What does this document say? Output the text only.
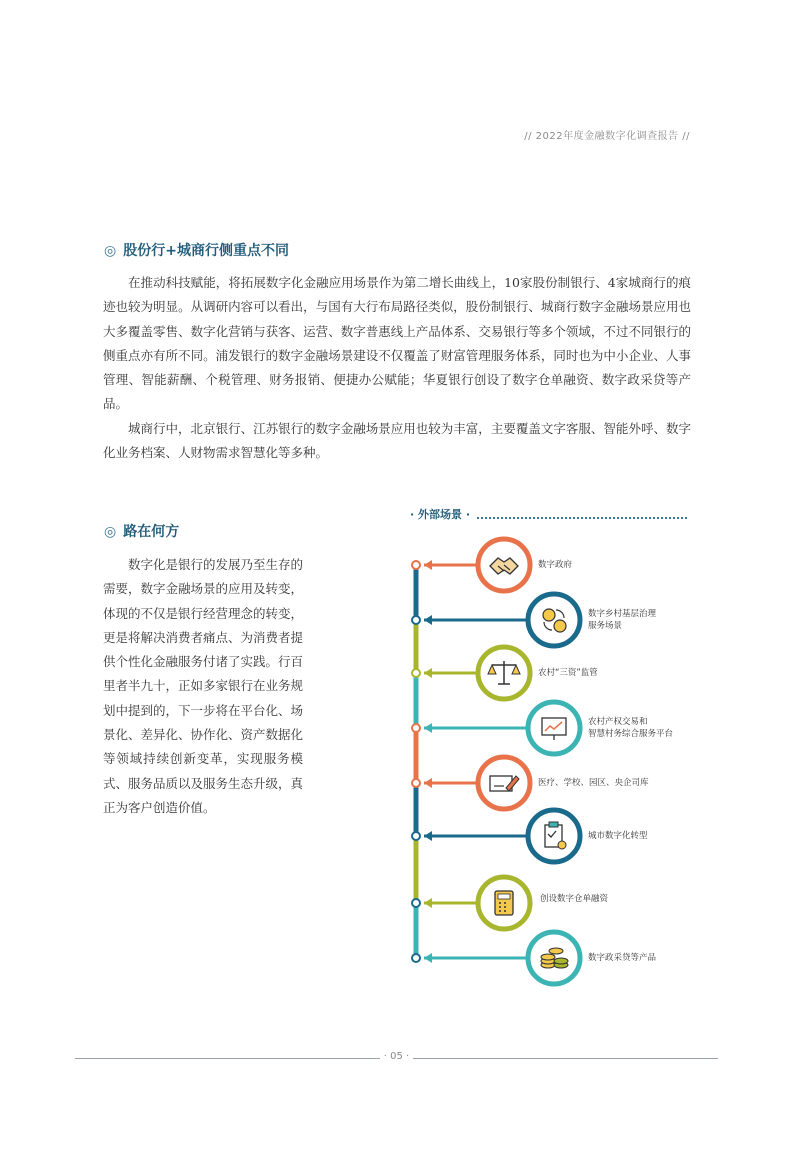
// 2022年度金融数字化调查报告 //
◎ 股份行+城商行侧重点不同

在推动科技赋能，将拓展数字化金融应用场景作为第二增长曲线上，10家股份制银行、4家城商行的痕迹也较为明显。从调研内容可以看出，与国有大行布局路径类似，股份制银行、城商行数字金融场景应用也大多覆盖零售、数字化营销与获客、运营、数字普惠线上产品体系、交易银行等多个领域，不过不同银行的侧重点亦有所不同。浦发银行的数字金融场景建设不仅覆盖了财富管理服务体系，同时也为中小企业、人事管理、智能薪酬、个税管理、财务报销、便捷办公赋能；华夏银行创设了数字仓单融资、数字政采贷等产品。

城商行中，北京银行、江苏银行的数字金融场景应用也较为丰富，主要覆盖文字客服、智能外呼、数字化业务档案、人财物需求智慧化等多种。

◎ 路在何方

数字化是银行的发展乃至生存的需要，数字金融场景的应用及转变，体现的不仅是银行经营理念的转变，更是将解决消费者痛点、为消费者提供个性化金融服务付诸了实践。行百里者半九十，正如多家银行在业务规划中提到的，下一步将在平台化、场景化、差异化、协作化、资产数据化等领域持续创新变革，实现服务模式、服务品质以及服务生态升级，真正为客户创造价值。

· 外部场景 ·
数字政府
数字乡村基层治理
服务场景
农村“三资”监管
农村产权交易和
智慧村务综合服务平台
医疗、学校、园区、央企司库
城市数字化转型
创设数字仓单融资
数字政采贷等产品
· 05 ·
